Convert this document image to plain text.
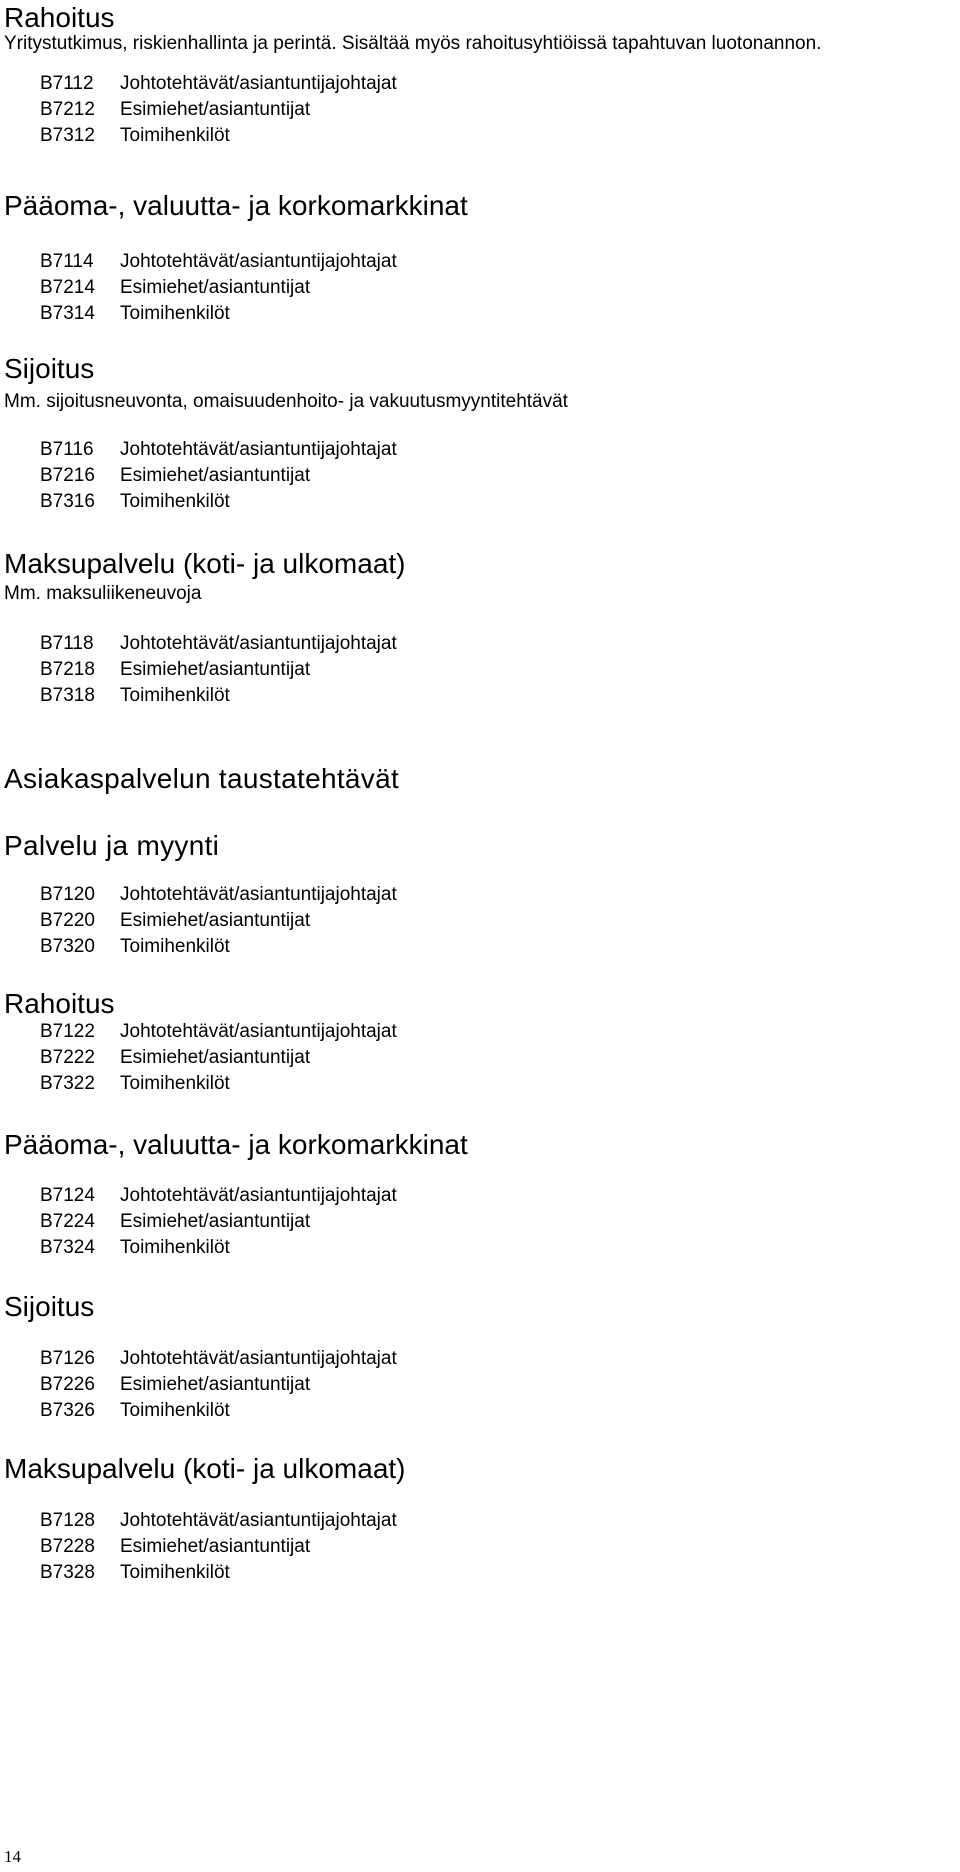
Rahoitus
Yritystutkimus, riskienhallinta ja perintä. Sisältää myös rahoitusyhtiöissä tapahtuvan luotonannon.
B7112	Johtotehtävät/asiantuntijajohtajat
B7212	Esimiehet/asiantuntijat
B7312	Toimihenkilöt
Pääoma-, valuutta- ja korkomarkkinat
B7114	Johtotehtävät/asiantuntijajohtajat
B7214	Esimiehet/asiantuntijat
B7314	Toimihenkilöt
Sijoitus
Mm. sijoitusneuvonta, omaisuudenhoito- ja vakuutusmyyntitehtävät
B7116	Johtotehtävät/asiantuntijajohtajat
B7216	Esimiehet/asiantuntijat
B7316	Toimihenkilöt
Maksupalvelu (koti- ja ulkomaat)
Mm. maksuliikeneuvoja
B7118	Johtotehtävät/asiantuntijajohtajat
B7218	Esimiehet/asiantuntijat
B7318	Toimihenkilöt
Asiakaspalvelun taustatehtävät
Palvelu ja myynti
B7120	Johtotehtävät/asiantuntijajohtajat
B7220	Esimiehet/asiantuntijat
B7320	Toimihenkilöt
Rahoitus
B7122	Johtotehtävät/asiantuntijajohtajat
B7222	Esimiehet/asiantuntijat
B7322	Toimihenkilöt
Pääoma-, valuutta- ja korkomarkkinat
B7124	Johtotehtävät/asiantuntijajohtajat
B7224	Esimiehet/asiantuntijat
B7324	Toimihenkilöt
Sijoitus
B7126	Johtotehtävät/asiantuntijajohtajat
B7226	Esimiehet/asiantuntijat
B7326	Toimihenkilöt
Maksupalvelu (koti- ja ulkomaat)
B7128	Johtotehtävät/asiantuntijajohtajat
B7228	Esimiehet/asiantuntijat
B7328	Toimihenkilöt
14
